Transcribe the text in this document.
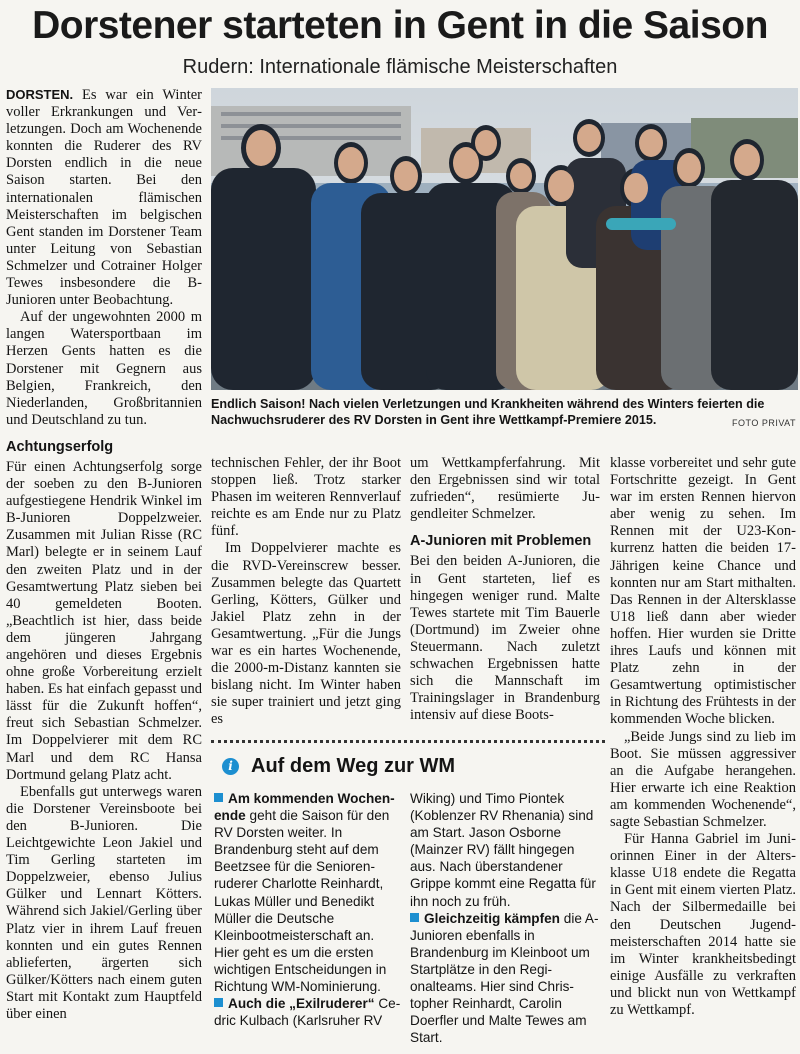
Dorstener starteten in Gent in die Saison
Rudern: Internationale flämische Meisterschaften

DORSTEN. Es war ein Winter voller Erkrankungen und Verletzungen. Doch am Wochenende konnten die Ruderer des RV Dorsten endlich in die neue Saison starten. Bei den internationalen flämischen Meisterschaften im belgischen Gent standen im Dorstener Team unter Leitung von Sebastian Schmelzer und Cotrainer Holger Tewes insbesondere die B-Junioren unter Beobachtung.

Auf der ungewohnten 2000 m langen Watersportbaan im Herzen Gents hatten es die Dorstener mit Gegnern aus Belgien, Frankreich, den Niederlanden, Großbritannien und Deutschland zu tun.

Achtungserfolg

Für einen Achtungserfolg sorge der soeben zu den B-Junioren aufgestiegene Hendrik Winkel im B-Junioren Doppelzweier. Zusammen mit Julian Risse (RC Marl) belegte er in seinem Lauf den zweiten Platz und in der Gesamtwertung Platz sieben bei 40 gemeldeten Booten. „Beachtlich ist hier, dass beide dem jüngeren Jahrgang angehören und dieses Ergebnis ohne große Vorbereitung erzielt haben. Es hat einfach gepasst und lässt für die Zukunft hoffen“, freut sich Sebastian Schmelzer. Im Doppelvierer mit dem RC Marl und dem RC Hansa Dortmund gelang Platz acht.

Ebenfalls gut unterwegs waren die Dorstener Vereinsboote bei den B-Junioren. Die Leichtgewichte Leon Jakiel und Tim Gerling starteten im Doppelzweier, ebenso Julius Gülker und Lennart Kötters. Während sich Jakiel/Gerling über Platz vier in ihrem Lauf freuen konnten und ein gutes Rennen ablieferten, ärgerten sich Gülker/Kötters nach einem guten Start mit Kontakt zum Hauptfeld über einen

Endlich Saison! Nach vielen Verletzungen und Krankheiten während des Winters feierten die Nachwuchsruderer des RV Dorsten in Gent ihre Wettkampf-Premiere 2015.	FOTO PRIVAT

technischen Fehler, der ihr Boot stoppen ließ. Trotz starker Phasen im weiteren Rennverlauf reichte es am Ende nur zu Platz fünf.

Im Doppelvierer machte es die RVD-Vereinscrew besser. Zusammen belegte das Quartett Gerling, Kötters, Gülker und Jakiel Platz zehn in der Gesamtwertung. „Für die Jungs war es ein hartes Wochenende, die 2000-m-Distanz kannten sie bislang nicht. Im Winter haben sie super trainiert und jetzt ging es

um Wettkampferfahrung. Mit den Ergebnissen sind wir total zufrieden“, resümierte Jugendleiter Schmelzer.

A-Junioren mit Problemen

Bei den beiden A-Junioren, die in Gent starteten, lief es hingegen weniger rund. Malte Tewes startete mit Tim Bauerle (Dortmund) im Zweier ohne Steuermann. Nach zuletzt schwachen Ergebnissen hatte sich die Mannschaft im Trainingslager in Brandenburg intensiv auf diese Boots-

klasse vorbereitet und sehr gute Fortschritte gezeigt. In Gent war im ersten Rennen hiervon aber wenig zu sehen. Im Rennen mit der U23-Konkurrenz hatten die beiden 17-Jährigen keine Chance und konnten nur am Start mithalten. Das Rennen in der Altersklasse U18 ließ dann aber wieder hoffen. Hier wurden sie Dritte ihres Laufs und können mit Platz zehn in der Gesamtwertung optimistischer in Richtung des Frühtests in der kommenden Woche blicken.

„Beide Jungs sind zu lieb im Boot. Sie müssen aggressiver an die Aufgabe herangehen. Hier erwarte ich eine Reaktion am kommenden Wochenende“, sagte Sebastian Schmelzer.

Für Hanna Gabriel im Juniorinnen Einer in der Altersklasse U18 endete die Regatta in Gent mit einem vierten Platz. Nach der Silbermedaille bei den Deutschen Jugendmeisterschaften 2014 hatte sie im Winter krankheitsbedingt einige Ausfälle zu verkraften und blickt nun von Wettkampf zu Wettkampf.

i Auf dem Weg zur WM

Am kommenden Wochenende geht die Saison für den RV Dorsten weiter. In Brandenburg steht auf dem Beetzsee für die Seniorenruderer Charlotte Reinhardt, Lukas Müller und Benedikt Müller die Deutsche Kleinbootmeisterschaft an. Hier geht es um die ersten wichtigen Entscheidungen in Richtung WM-Nominierung.

Auch die „Exilruderer“ Cedric Kulbach (Karlsruher RV

Wiking) und Timo Piontek (Koblenzer RV Rhenania) sind am Start. Jason Osborne (Mainzer RV) fällt hingegen aus. Nach überstandener Grippe kommt eine Regatta für ihn noch zu früh.

Gleichzeitig kämpfen die A-Junioren ebenfalls in Brandenburg im Kleinboot um Startplätze in den Regionalteams. Hier sind Christopher Reinhardt, Carolin Doerfler und Malte Tewes am Start.
